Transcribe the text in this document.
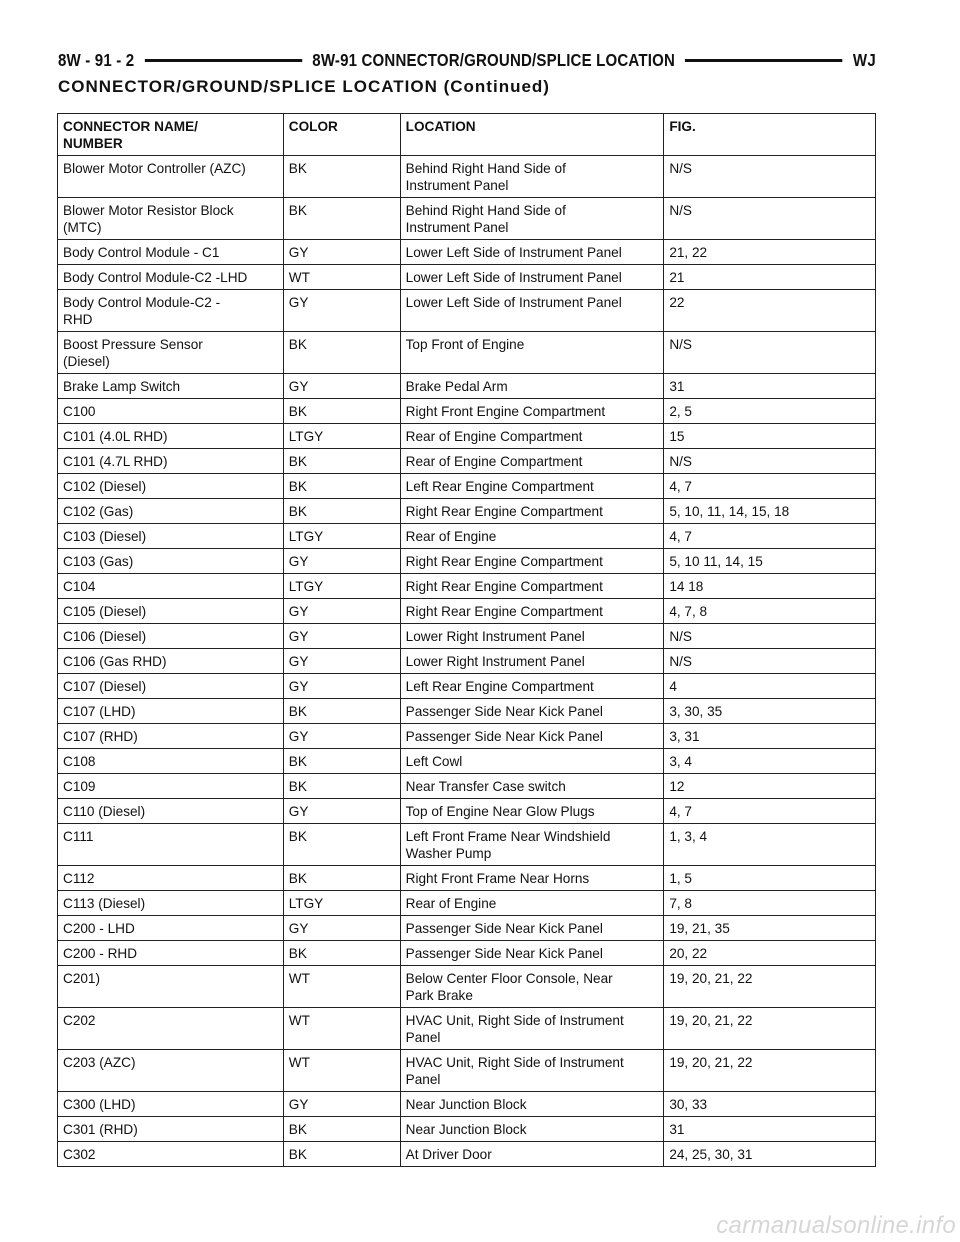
8W - 91 - 2	8W-91 CONNECTOR/GROUND/SPLICE LOCATION	WJ
CONNECTOR/GROUND/SPLICE LOCATION (Continued)
CONNECTOR NAME/
NUMBER	COLOR	LOCATION	FIG.

Blower Motor Controller (AZC)	BK	Behind Right Hand Side of
Instrument Panel	N/S

Blower Motor Resistor Block
(MTC)	BK	Behind Right Hand Side of
Instrument Panel	N/S

Body Control Module - C1	GY	Lower Left Side of Instrument Panel	21, 22

Body Control Module-C2 -LHD	WT	Lower Left Side of Instrument Panel	21

Body Control Module-C2 -
RHD	GY	Lower Left Side of Instrument Panel	22

Boost Pressure Sensor
(Diesel)	BK	Top Front of Engine	N/S

Brake Lamp Switch	GY	Brake Pedal Arm	31

C100	BK	Right Front Engine Compartment	2, 5

C101 (4.0L RHD)	LTGY	Rear of Engine Compartment	15

C101 (4.7L RHD)	BK	Rear of Engine Compartment	N/S

C102 (Diesel)	BK	Left Rear Engine Compartment	4, 7

C102 (Gas)	BK	Right Rear Engine Compartment	5, 10, 11, 14, 15, 18

C103 (Diesel)	LTGY	Rear of Engine	4, 7

C103 (Gas)	GY	Right Rear Engine Compartment	5, 10 11, 14, 15

C104	LTGY	Right Rear Engine Compartment	14 18

C105 (Diesel)	GY	Right Rear Engine Compartment	4, 7, 8

C106 (Diesel)	GY	Lower Right Instrument Panel	N/S

C106 (Gas RHD)	GY	Lower Right Instrument Panel	N/S

C107 (Diesel)	GY	Left Rear Engine Compartment	4

C107 (LHD)	BK	Passenger Side Near Kick Panel	3, 30, 35

C107 (RHD)	GY	Passenger Side Near Kick Panel	3, 31

C108	BK	Left Cowl	3, 4

C109	BK	Near Transfer Case switch	12

C110 (Diesel)	GY	Top of Engine Near Glow Plugs	4, 7

C111	BK	Left Front Frame Near Windshield
Washer Pump	1, 3, 4

C112	BK	Right Front Frame Near Horns	1, 5

C113 (Diesel)	LTGY	Rear of Engine	7, 8

C200 - LHD	GY	Passenger Side Near Kick Panel	19, 21, 35

C200 - RHD	BK	Passenger Side Near Kick Panel	20, 22

C201)	WT	Below Center Floor Console, Near
Park Brake	19, 20, 21, 22

C202	WT	HVAC Unit, Right Side of Instrument
Panel	19, 20, 21, 22

C203 (AZC)	WT	HVAC Unit, Right Side of Instrument
Panel	19, 20, 21, 22

C300 (LHD)	GY	Near Junction Block	30, 33

C301 (RHD)	BK	Near Junction Block	31

C302	BK	At Driver Door	24, 25, 30, 31
carmanualsonline.info
